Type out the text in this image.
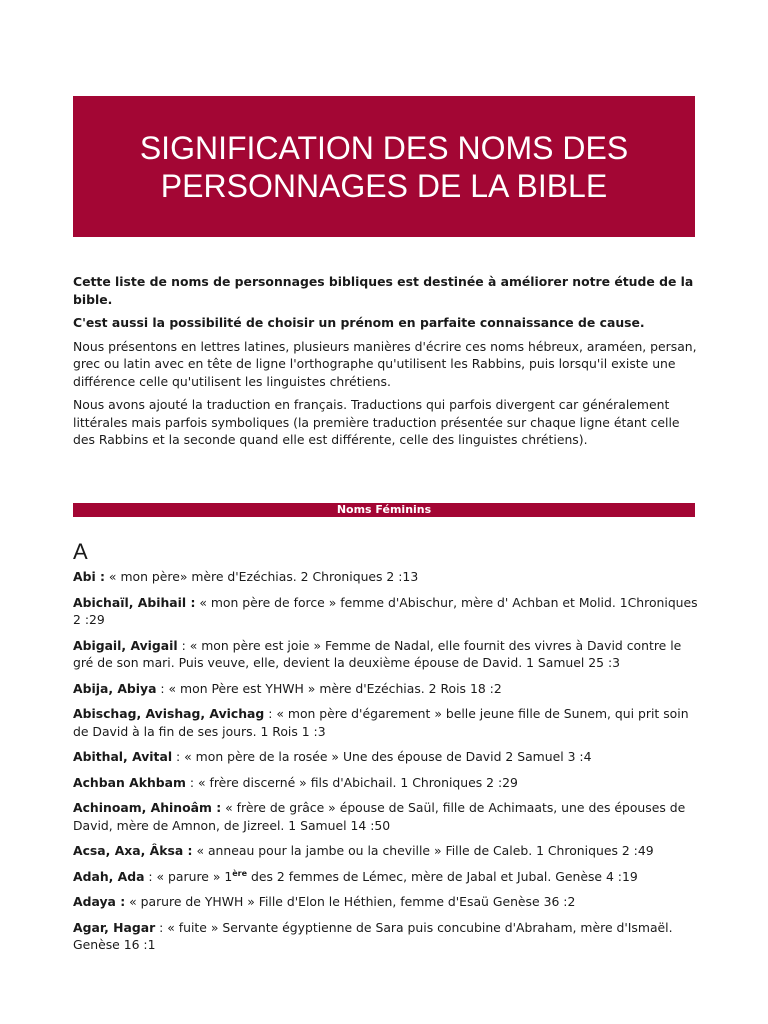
SIGNIFICATION DES NOMS DES
PERSONNAGES DE LA BIBLE

Cette liste de noms de personnages bibliques est destinée à améliorer notre étude de la bible.

C'est aussi la possibilité de choisir un prénom en parfaite connaissance de cause.

Nous présentons en lettres latines, plusieurs manières d'écrire ces noms hébreux, araméen, persan, grec ou latin avec en tête de ligne l'orthographe qu'utilisent les Rabbins, puis lorsqu'il existe une différence celle qu'utilisent les linguistes chrétiens.

Nous avons ajouté la traduction en français. Traductions qui parfois divergent car généralement littérales mais parfois symboliques (la première traduction présentée sur chaque ligne étant celle des Rabbins et la seconde quand elle est différente, celle des linguistes chrétiens).

Noms Féminins
A

Abi : « mon père» mère d'Ezéchias. 2 Chroniques 2 :13

Abichaïl, Abihail : « mon père de force » femme d'Abischur, mère d' Achban et Molid. 1Chroniques 2 :29

Abigail, Avigail : « mon père est joie » Femme de Nadal, elle fournit des vivres à David contre le gré de son mari. Puis veuve, elle, devient la deuxième épouse de David. 1 Samuel 25 :3

Abija, Abiya : « mon Père est YHWH » mère d'Ezéchias. 2 Rois 18 :2

Abischag, Avishag, Avichag : « mon père d'égarement » belle jeune fille de Sunem, qui prit soin de David à la fin de ses jours. 1 Rois 1 :3

Abithal, Avital : « mon père de la rosée » Une des épouse de David 2 Samuel 3 :4

Achban Akhbam : « frère discerné » fils d'Abichail. 1 Chroniques 2 :29

Achinoam, Ahinoâm : « frère de grâce » épouse de Saül, fille de Achimaats, une des épouses de David, mère de Amnon, de Jizreel. 1 Samuel 14 :50

Acsa, Axa, Âksa : « anneau pour la jambe ou la cheville » Fille de Caleb. 1 Chroniques 2 :49

Adah, Ada : « parure » 1ère des 2 femmes de Lémec, mère de Jabal et Jubal. Genèse 4 :19

Adaya : « parure de YHWH » Fille d'Elon le Héthien, femme d'Esaü Genèse 36 :2

Agar, Hagar : « fuite » Servante égyptienne de Sara puis concubine d'Abraham, mère d'Ismaël. Genèse 16 :1
